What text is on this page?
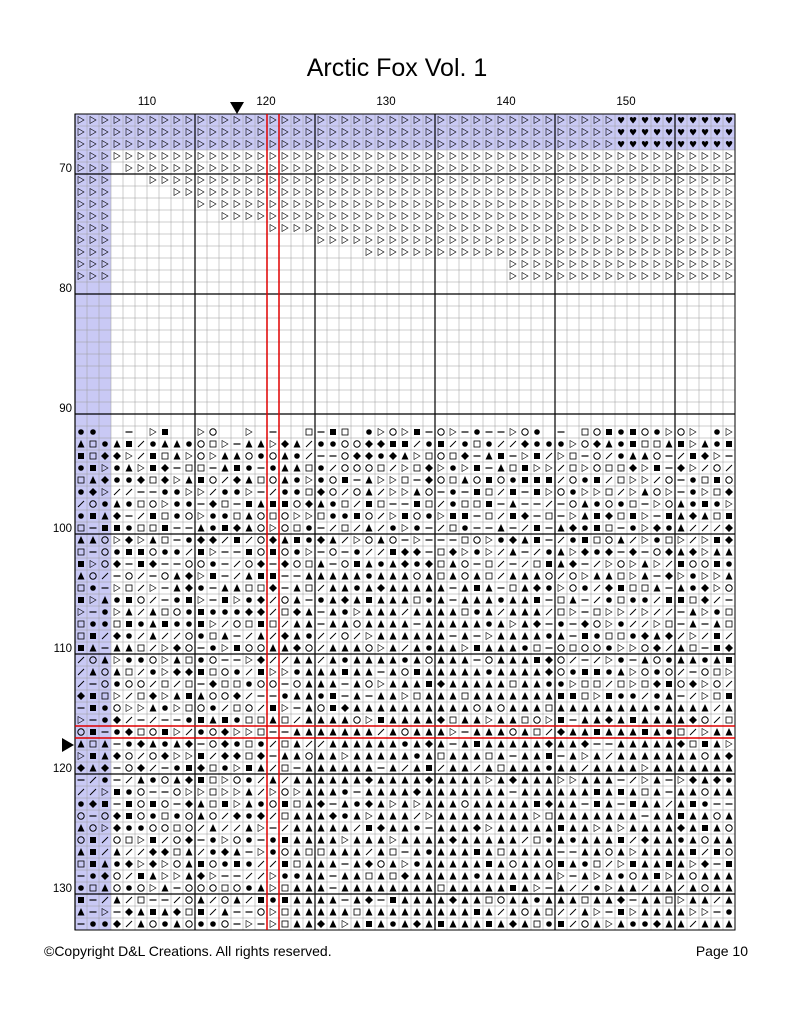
Arctic Fox Vol. 1
110	120	130	140	150
70
80
90
100
110
120
130
♥ ♥ ♥ ♥ ♥ ♥ ♥ ♥ ♥ ♥
♥ ♥ ♥ ♥ ♥ ♥ ♥ ♥ ♥ ♥
♥ ♥ ♥ ♥ ♥ ♥ ♥ ♥ ♥ ♥
©Copyright D&L Creations. All rights reserved.	Page 10
